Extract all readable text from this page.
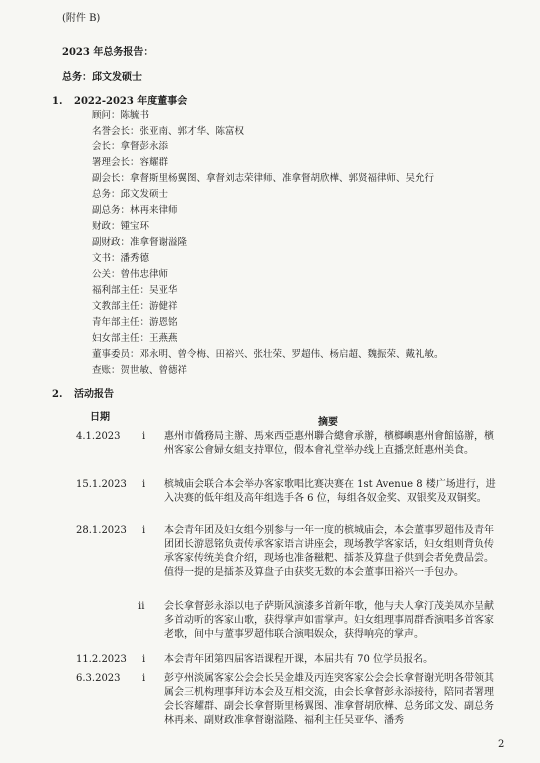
(附件 B)
2023 年总务报告：
总务：邱文发硕士
1. 2022-2023 年度董事会
顾问：陈毓书
名誉会长：张亚南、郭才华、陈富权
会长：拿督彭永添
署理会长：容耀群
副会长：拿督斯里杨翼图、拿督刘志荣律师、准拿督胡欣樺、郭贤福律师、吴允行
总务：邱文发硕士
副总务：林再来律师
财政：锺宝环
副财政：准拿督谢溢隆
文书：潘秀德
公关：曾伟忠律师
福利部主任：吴亚华
文教部主任：游健祥
青年部主任：游恩铭
妇女部主任：王燕燕
董事委员：邓永明、曾令梅、田裕兴、张壮荣、罗超伟、杨启超、魏振荣、戴礼敏。
查账：贺世敏、曾德祥
2. 活动报告
日期	摘要
4.1.2023 i 惠州市僑務局主辦、馬來西亞惠州聯合總會承辦，檳榔嶼惠州會館協辦，檳州客家公會婦女組支持單位，假本會礼堂举办线上直播烹飪惠州美食。
15.1.2023 i 槟城庙会联合本会举办客家歌唱比赛决赛在 1st Avenue 8 楼广场进行，进入决赛的低年组及高年组选手各 6 位，每组各奴金奖、双银奖及双铜奖。
28.1.2023 i 本会青年团及妇女组今别参与一年一度的槟城庙会，本会董事罗超伟及青年团团长游恩铭负责传承客家语言讲座会，现场教学客家话，妇女组则背负传承客家传统美食介绍，现场也准备糍粑、擂茶及算盘子供到会者免费品尝。值得一提的是擂茶及算盘子由获奖无数的本会董事田裕兴一手包办。
ii 会长拿督彭永添以电子萨斯风演漆多首新年歌，他与夫人拿汀茂美凤亦呈献多首动听的客家山歌，获得掌声如雷掌声。妇女组理事周群香演唱多首客家老歌，间中与董事罗超伟联合演唱娱众，获得响亮的掌声。
11.2.2023 i 本会青年团第四届客语课程开课，本届共有 70 位学员报名。
6.3.2023 i 彭亨州淡属客家公会会长吴金雄及丙连突客家公会会长拿督谢光明各带领其属会三机构理事拜访本会及互相交流，由会长拿督彭永添接待，陪同者署理会长容耀群、副会长拿督斯里杨翼图、准拿督胡欣樺、总务邱文发、副总务林再来、副财政准拿督谢溢隆、福利主任吴亚华、潘秀
2
